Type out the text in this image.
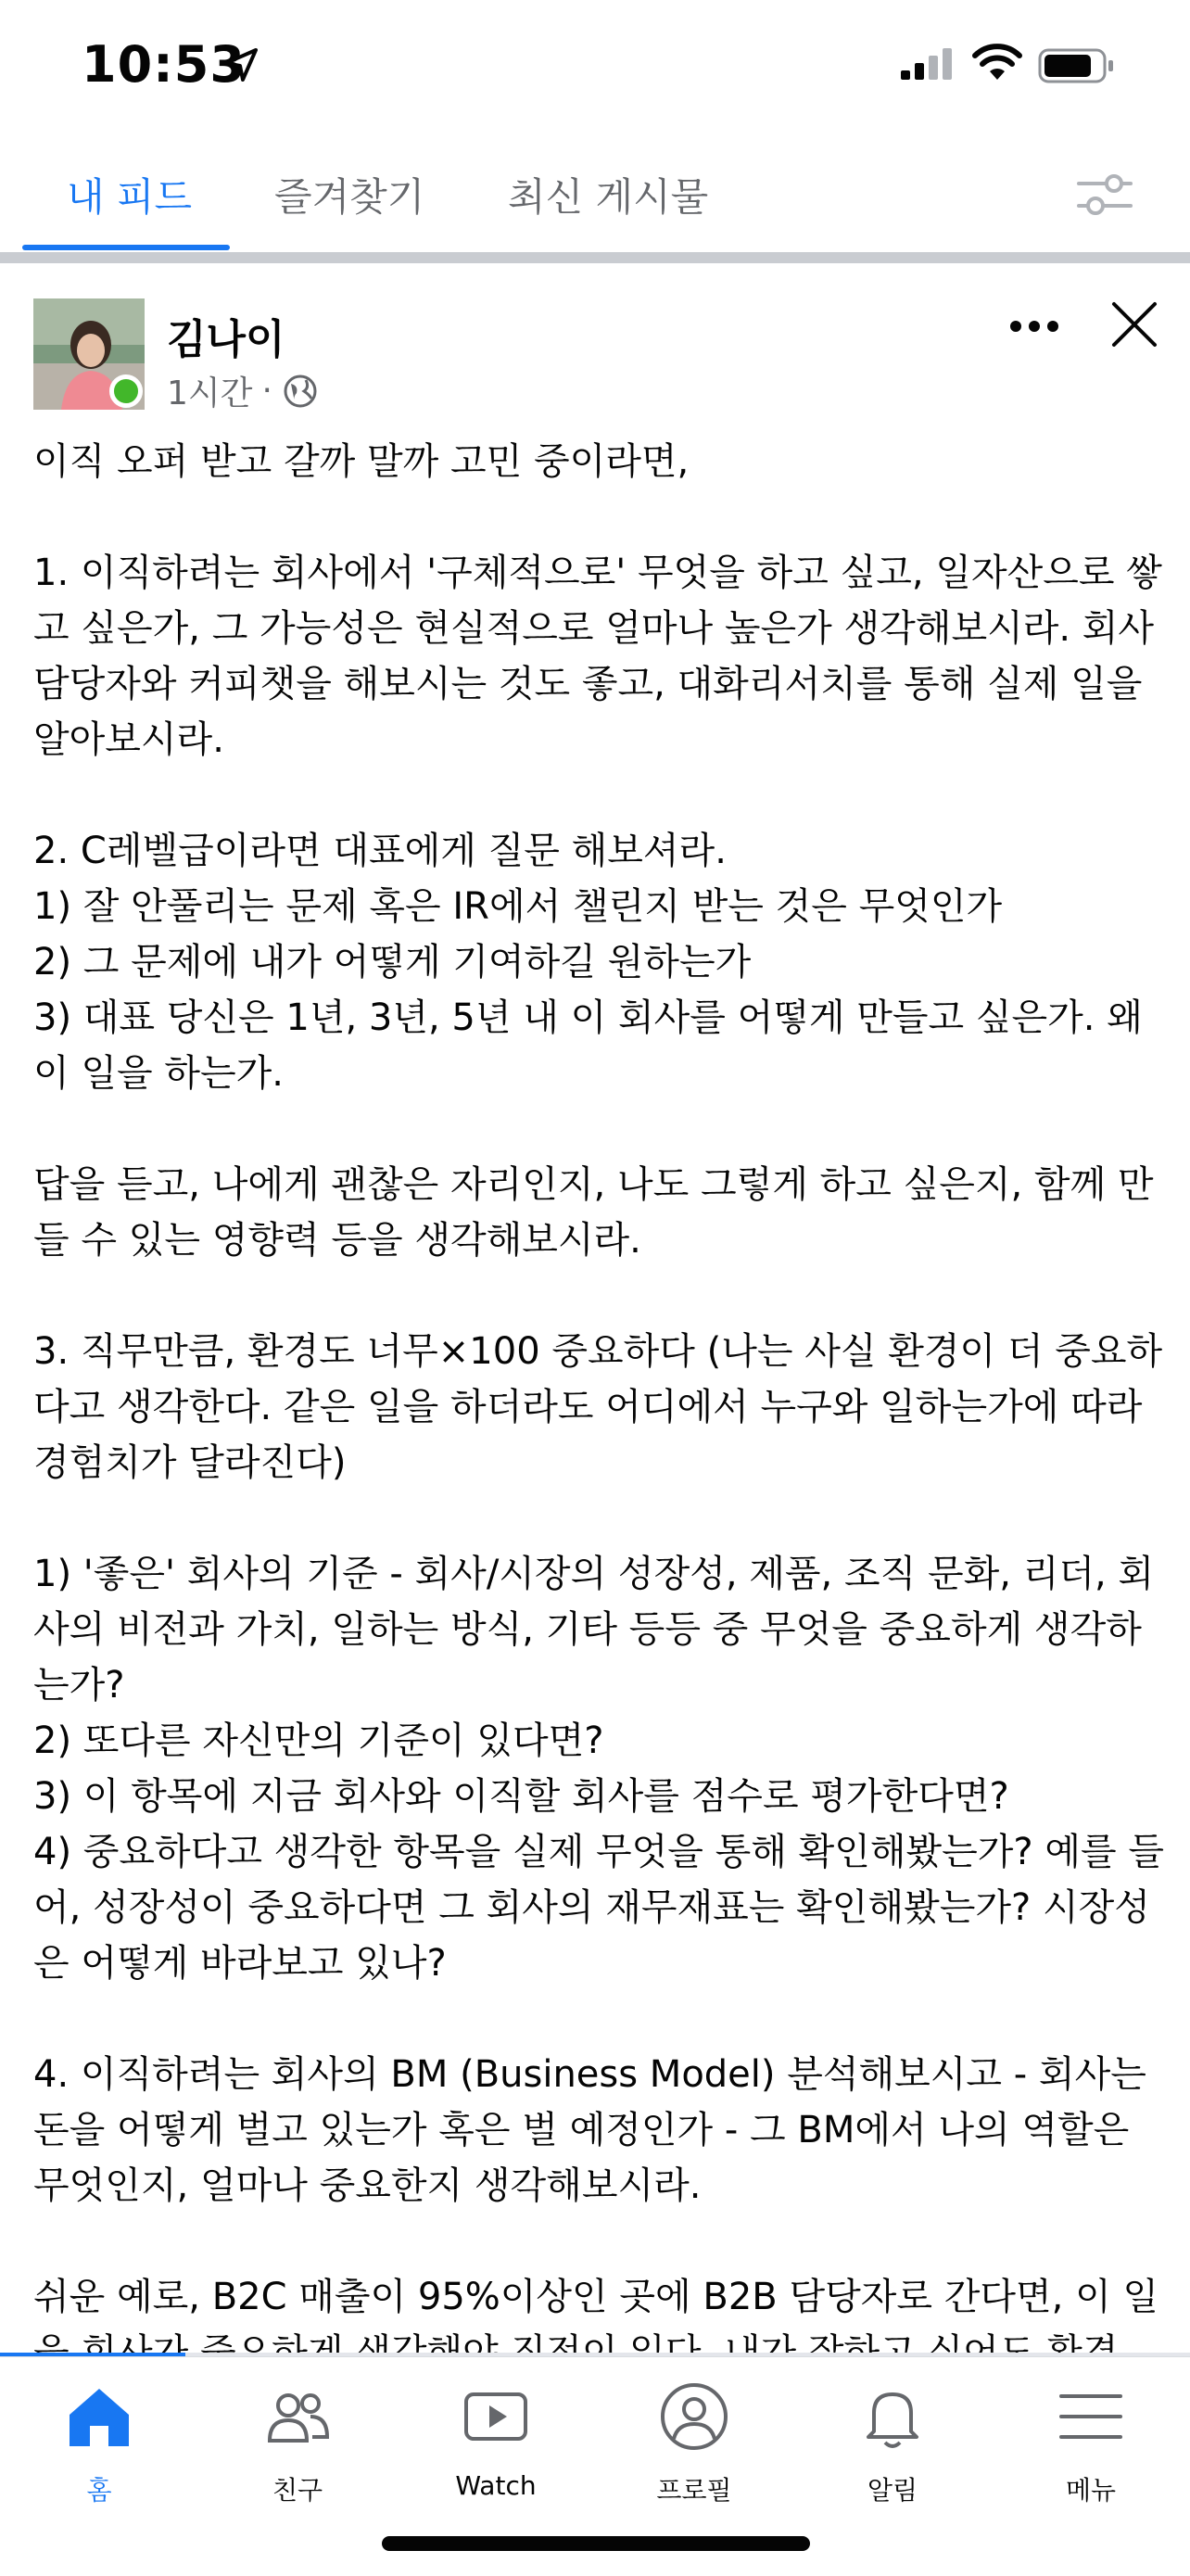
10:53
내 피드 즐겨찾기 최신 게시물
김나이
1시간 ·

이직 오퍼 받고 갈까 말까 고민 중이라면,

1. 이직하려는 회사에서 '구체적으로' 무엇을 하고 싶고, 일자산으로 쌓고 싶은가, 그 가능성은 현실적으로 얼마나 높은가 생각해보시라. 회사 담당자와 커피챗을 해보시는 것도 좋고, 대화리서치를 통해 실제 일을 알아보시라.

2. C레벨급이라면 대표에게 질문 해보셔라.

1) 잘 안풀리는 문제 혹은 IR에서 챌린지 받는 것은 무엇인가

2) 그 문제에 내가 어떻게 기여하길 원하는가

3) 대표 당신은 1년, 3년, 5년 내 이 회사를 어떻게 만들고 싶은가. 왜 이 일을 하는가.

답을 듣고, 나에게 괜찮은 자리인지, 나도 그렇게 하고 싶은지, 함께 만들 수 있는 영향력 등을 생각해보시라.

3. 직무만큼, 환경도 너무×100 중요하다 (나는 사실 환경이 더 중요하다고 생각한다. 같은 일을 하더라도 어디에서 누구와 일하는가에 따라 경험치가 달라진다)

1) '좋은' 회사의 기준 - 회사/시장의 성장성, 제품, 조직 문화, 리더, 회사의 비전과 가치, 일하는 방식, 기타 등등 중 무엇을 중요하게 생각하는가?

2) 또다른 자신만의 기준이 있다면?

3) 이 항목에 지금 회사와 이직할 회사를 점수로 평가한다면?

4) 중요하다고 생각한 항목을 실제 무엇을 통해 확인해봤는가? 예를 들어, 성장성이 중요하다면 그 회사의 재무재표는 확인해봤는가? 시장성은 어떻게 바라보고 있나?

4. 이직하려는 회사의 BM (Business Model) 분석해보시고 - 회사는 돈을 어떻게 벌고 있는가 혹은 벌 예정인가 - 그 BM에서 나의 역할은 무엇인지, 얼마나 중요한지 생각해보시라.

쉬운 예로, B2C 매출이 95%이상인 곳에 B2B 담당자로 간다면, 이 일

홈	친구	Watch	프로필	알림	메뉴
